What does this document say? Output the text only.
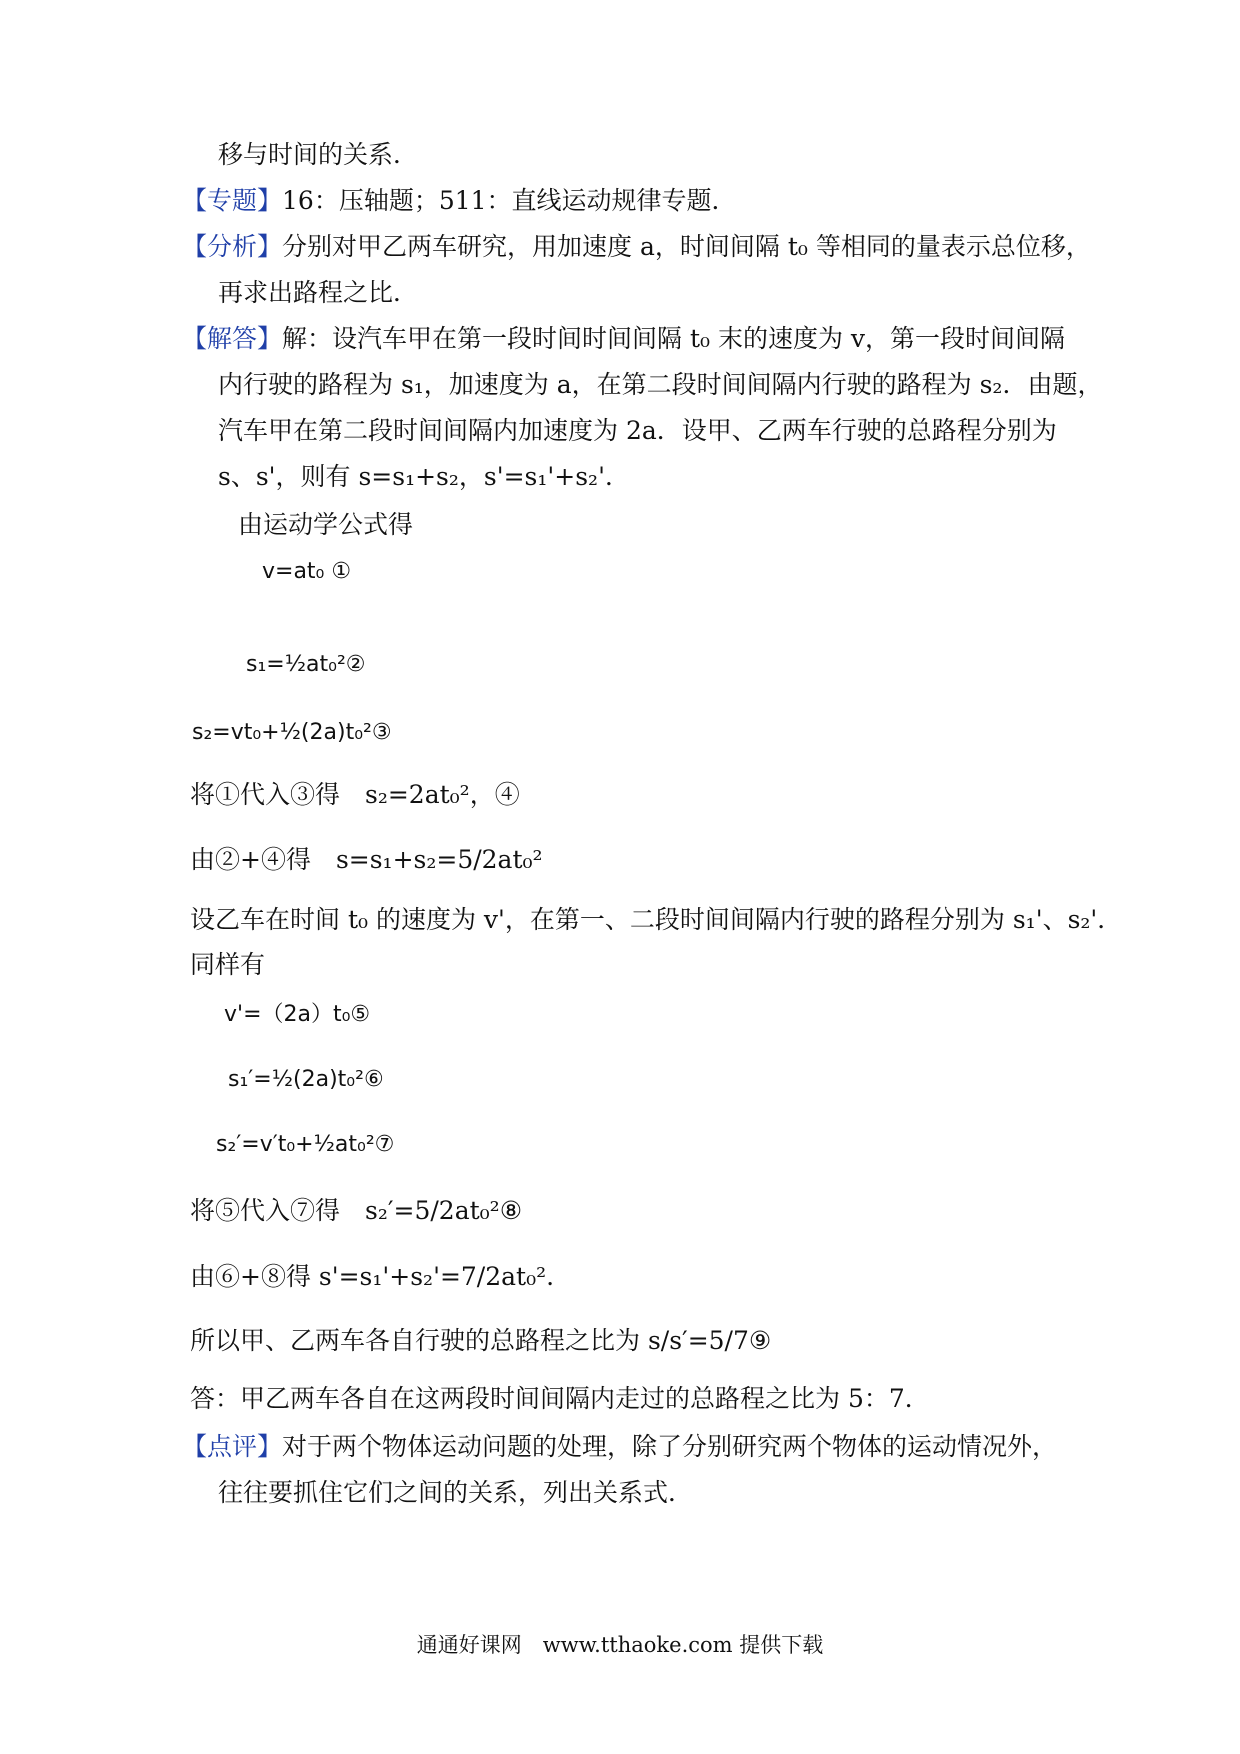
移与时间的关系．
【专题】16：压轴题；511：直线运动规律专题．
【分析】分别对甲乙两车研究，用加速度 a，时间间隔 t₀ 等相同的量表示总位移，
再求出路程之比．
【解答】解：设汽车甲在第一段时间时间间隔 t₀ 末的速度为 v，第一段时间间隔
内行驶的路程为 s₁，加速度为 a，在第二段时间间隔内行驶的路程为 s₂．由题，
汽车甲在第二段时间间隔内加速度为 2a．设甲、乙两车行驶的总路程分别为
s、s'，则有 s=s₁+s₂，s'=s₁'+s₂'．
由运动学公式得
v=at₀ ①
s₁=½at₀²②
s₂=vt₀+½(2a)t₀²③
将①代入③得　s₂=2at₀²，④
由②+④得　s=s₁+s₂=5/2at₀²
设乙车在时间 t₀ 的速度为 v'，在第一、二段时间间隔内行驶的路程分别为 s₁'、s₂'．
同样有
v'=（2a）t₀⑤
s₁′=½(2a)t₀²⑥
s₂′=v′t₀+½at₀²⑦
将⑤代入⑦得　s₂′=5/2at₀²⑧
由⑥+⑧得 s'=s₁'+s₂'=7/2at₀².
所以甲、乙两车各自行驶的总路程之比为 s/s′=5/7⑨
答：甲乙两车各自在这两段时间间隔内走过的总路程之比为 5：7．
【点评】对于两个物体运动问题的处理，除了分别研究两个物体的运动情况外，
往往要抓住它们之间的关系，列出关系式．
通通好课网　www.tthaoke.com 提供下载
